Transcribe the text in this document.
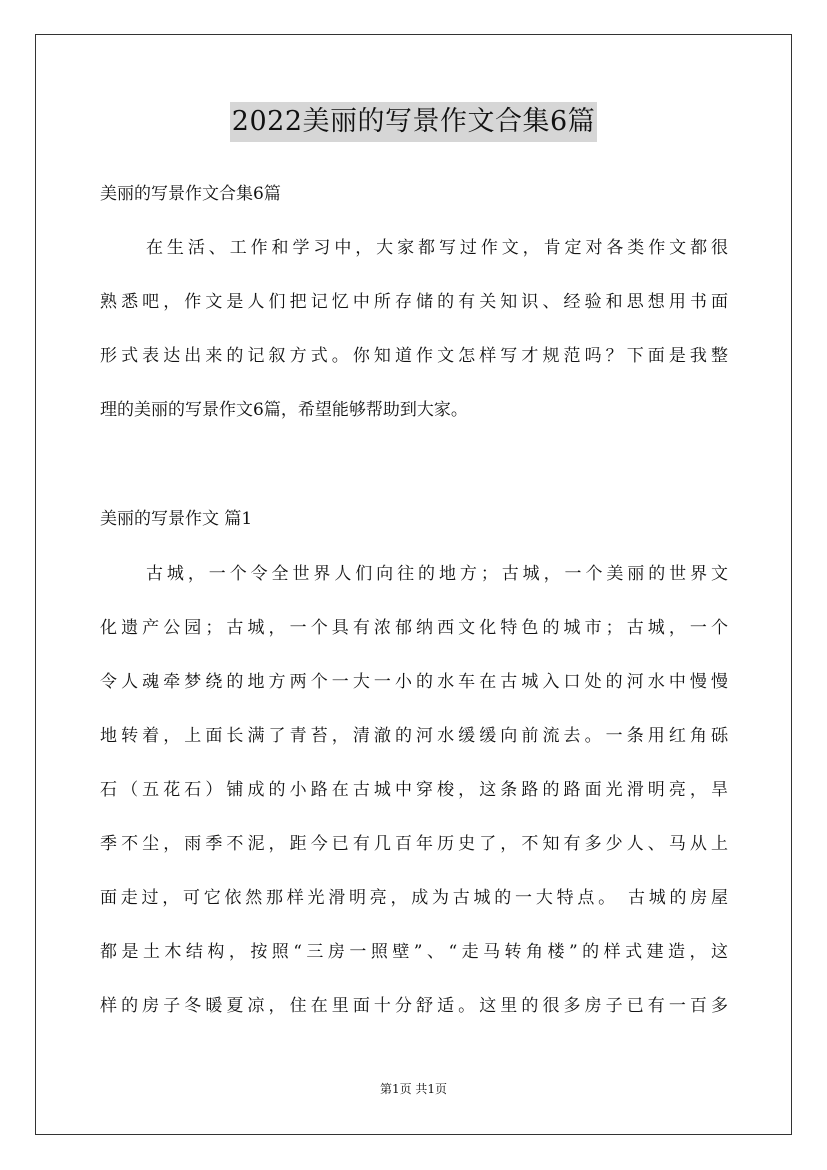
2022美丽的写景作文合集6篇
美丽的写景作文合集6篇
在生活、工作和学习中，大家都写过作文，肯定对各类作文都很
熟悉吧，作文是人们把记忆中所存储的有关知识、经验和思想用书面
形式表达出来的记叙方式。你知道作文怎样写才规范吗？下面是我整
理的美丽的写景作文6篇，希望能够帮助到大家。
美丽的写景作文 篇1
古城，一个令全世界人们向往的地方；古城，一个美丽的世界文
化遗产公园；古城，一个具有浓郁纳西文化特色的城市；古城，一个
令人魂牵梦绕的地方两个一大一小的水车在古城入口处的河水中慢慢
地转着，上面长满了青苔，清澈的河水缓缓向前流去。一条用红角砾
石（五花石）铺成的小路在古城中穿梭，这条路的路面光滑明亮，旱
季不尘，雨季不泥，距今已有几百年历史了，不知有多少人、马从上
面走过，可它依然那样光滑明亮，成为古城的一大特点。 古城的房屋
都是土木结构，按照“三房一照壁”、“走马转角楼”的样式建造，这
样的房子冬暖夏凉，住在里面十分舒适。这里的很多房子已有一百多
第1页 共1页
